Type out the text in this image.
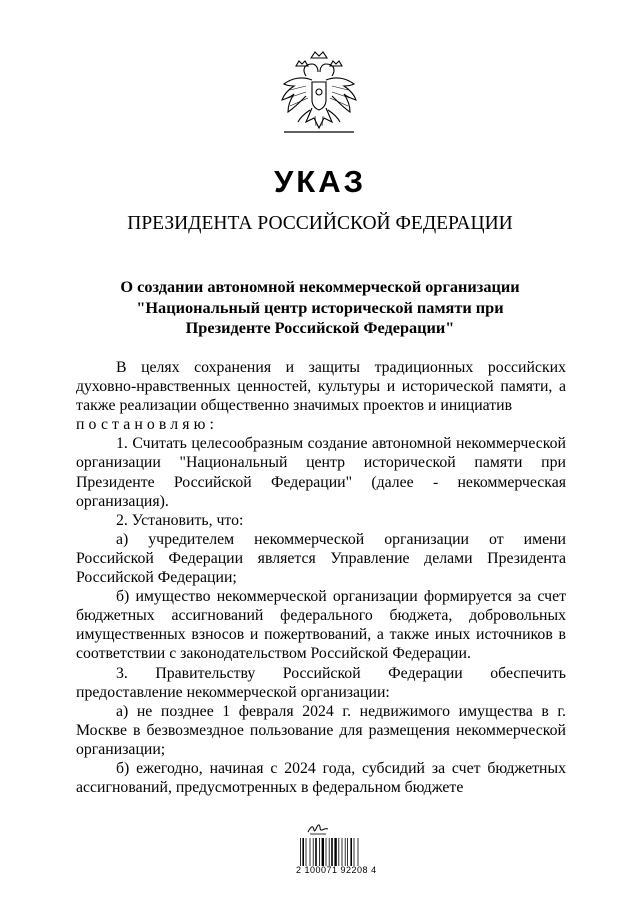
УКАЗ
ПРЕЗИДЕНТА РОССИЙСКОЙ ФЕДЕРАЦИИ
О создании автономной некоммерческой организации
"Национальный центр исторической памяти при
Президенте Российской Федерации"

В целях сохранения и защиты традиционных российских духовно-нравственных ценностей, культуры и исторической памяти, а также реализации общественно значимых проектов и инициатив

постановляю:

1. Считать целесообразным создание автономной некоммерческой организации "Национальный центр исторической памяти при Президенте Российской Федерации" (далее - некоммерческая организация).

2. Установить, что:

а) учредителем некоммерческой организации от имени Российской Федерации является Управление делами Президента Российской Федерации;

б) имущество некоммерческой организации формируется за счет бюджетных ассигнований федерального бюджета, добровольных имущественных взносов и пожертвований, а также иных источников в соответствии с законодательством Российской Федерации.

3. Правительству Российской Федерации обеспечить предоставление некоммерческой организации:

а) не позднее 1 февраля 2024 г. недвижимого имущества в г. Москве в безвозмездное пользование для размещения некоммерческой организации;

б) ежегодно, начиная с 2024 года, субсидий за счет бюджетных ассигнований, предусмотренных в федеральном бюджете

2 100071 92208 4
